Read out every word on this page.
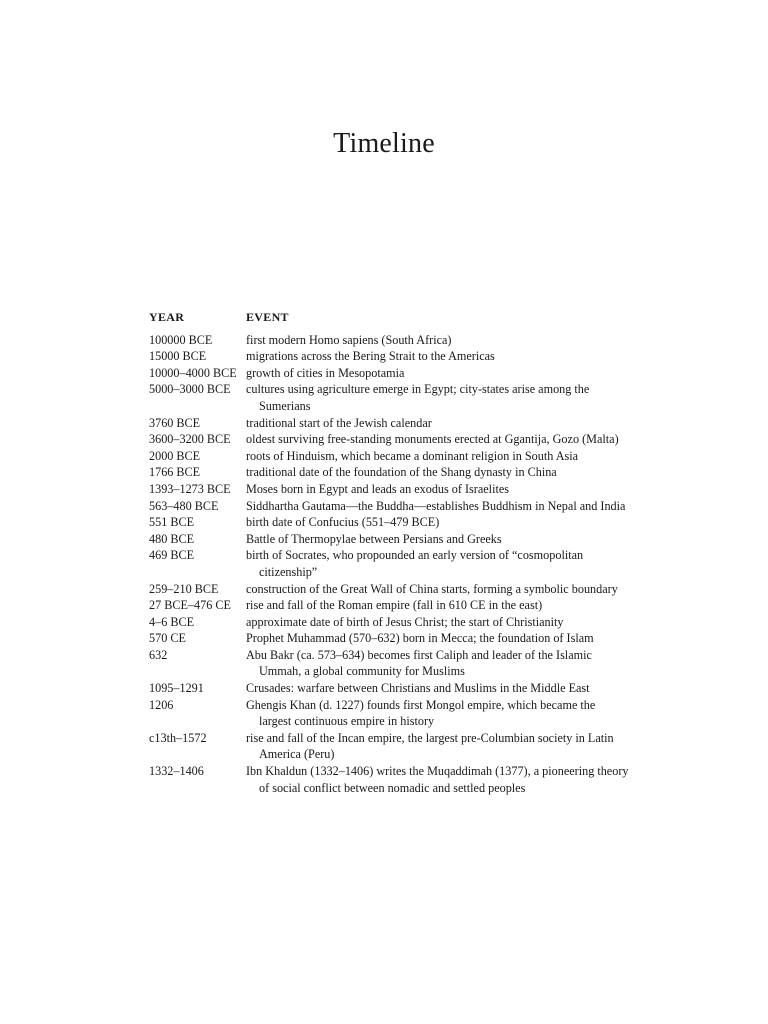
Timeline
YEAR	EVENT
100000 BCE	first modern Homo sapiens (South Africa)
15000 BCE	migrations across the Bering Strait to the Americas
10000–4000 BCE	growth of cities in Mesopotamia
5000–3000 BCE	cultures using agriculture emerge in Egypt; city-states arise among the Sumerians
3760 BCE	traditional start of the Jewish calendar
3600–3200 BCE	oldest surviving free-standing monuments erected at Ggantija, Gozo (Malta)
2000 BCE	roots of Hinduism, which became a dominant religion in South Asia
1766 BCE	traditional date of the foundation of the Shang dynasty in China
1393–1273 BCE	Moses born in Egypt and leads an exodus of Israelites
563–480 BCE	Siddhartha Gautama—the Buddha—establishes Buddhism in Nepal and India
551 BCE	birth date of Confucius (551–479 BCE)
480 BCE	Battle of Thermopylae between Persians and Greeks
469 BCE	birth of Socrates, who propounded an early version of “cosmopolitan citizenship”
259–210 BCE	construction of the Great Wall of China starts, forming a symbolic boundary
27 BCE–476 CE	rise and fall of the Roman empire (fall in 610 CE in the east)
4–6 BCE	approximate date of birth of Jesus Christ; the start of Christianity
570 CE	Prophet Muhammad (570–632) born in Mecca; the foundation of Islam
632	Abu Bakr (ca. 573–634) becomes first Caliph and leader of the Islamic Ummah, a global community for Muslims
1095–1291	Crusades: warfare between Christians and Muslims in the Middle East
1206	Ghengis Khan (d. 1227) founds first Mongol empire, which became the largest continuous empire in history
c13th–1572	rise and fall of the Incan empire, the largest pre-Columbian society in Latin America (Peru)
1332–1406	Ibn Khaldun (1332–1406) writes the Muqaddimah (1377), a pioneering theory of social conflict between nomadic and settled peoples
